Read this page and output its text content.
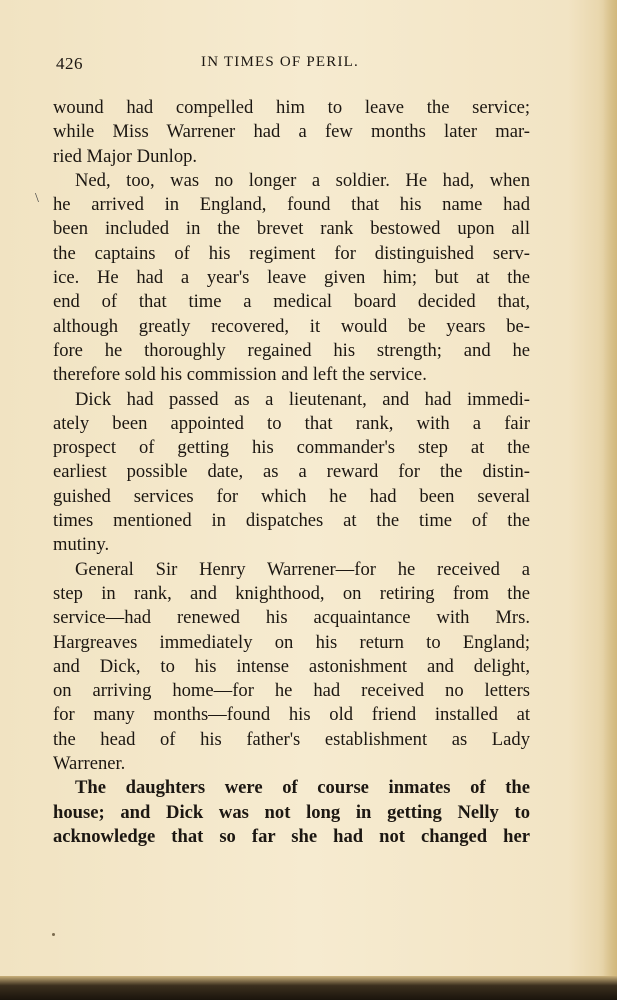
426	IN TIMES OF PERIL.
\
wound had compelled him to leave the service;
while Miss Warrener had a few months later mar-
ried Major Dunlop.
Ned, too, was no longer a soldier. He had, when
he arrived in England, found that his name had
been included in the brevet rank bestowed upon all
the captains of his regiment for distinguished serv-
ice. He had a year's leave given him; but at the
end of that time a medical board decided that,
although greatly recovered, it would be years be-
fore he thoroughly regained his strength; and he
therefore sold his commission and left the service.
Dick had passed as a lieutenant, and had immedi-
ately been appointed to that rank, with a fair
prospect of getting his commander's step at the
earliest possible date, as a reward for the distin-
guished services for which he had been several
times mentioned in dispatches at the time of the
mutiny.
General Sir Henry Warrener—for he received a
step in rank, and knighthood, on retiring from the
service—had renewed his acquaintance with Mrs.
Hargreaves immediately on his return to England;
and Dick, to his intense astonishment and delight,
on arriving home—for he had received no letters
for many months—found his old friend installed at
the head of his father's establishment as Lady
Warrener.
The daughters were of course inmates of the
house; and Dick was not long in getting Nelly to
acknowledge that so far she had not changed her
